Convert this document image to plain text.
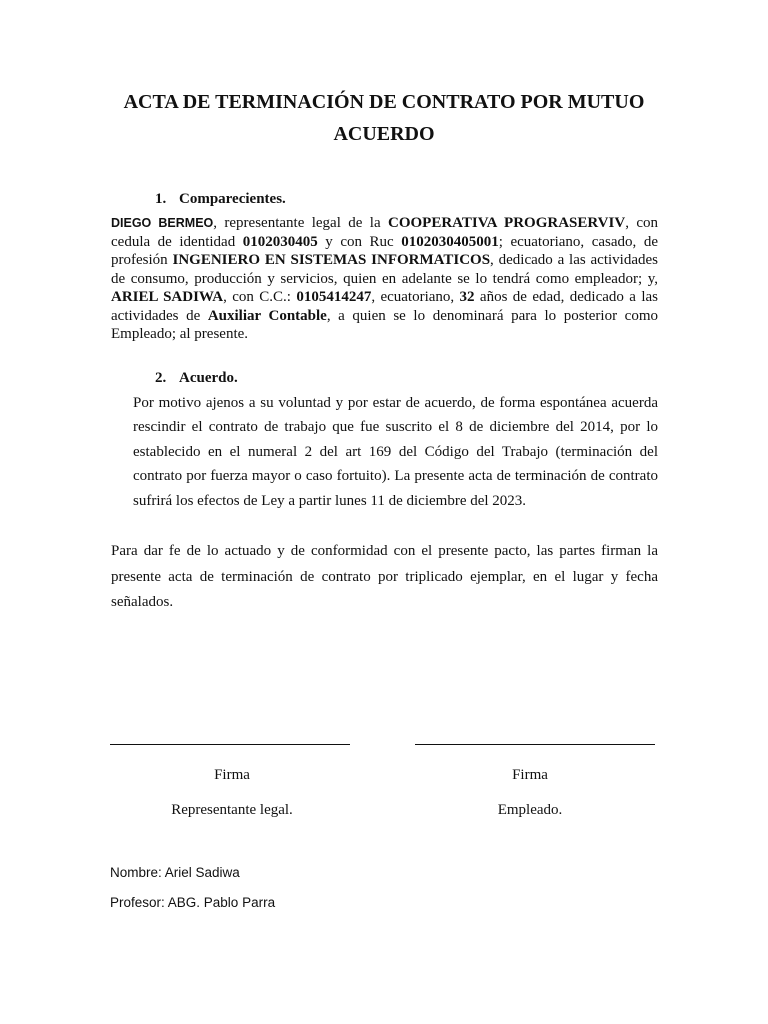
ACTA DE TERMINACIÓN DE CONTRATO POR MUTUO
ACUERDO
1. Comparecientes.
DIEGO BERMEO, representante legal de la COOPERATIVA PROGRASERVIV, con cedula de identidad 0102030405 y con Ruc 0102030405001; ecuatoriano, casado, de profesión INGENIERO EN SISTEMAS INFORMATICOS, dedicado a las actividades de consumo, producción y servicios, quien en adelante se lo tendrá como empleador; y, ARIEL SADIWA, con C.C.: 0105414247, ecuatoriano, 32 años de edad, dedicado a las actividades de Auxiliar Contable, a quien se lo denominará para lo posterior como Empleado; al presente.
2. Acuerdo.
Por motivo ajenos a su voluntad y por estar de acuerdo, de forma espontánea acuerda rescindir el contrato de trabajo que fue suscrito el 8 de diciembre del 2014, por lo establecido en el numeral 2 del art 169 del Código del Trabajo (terminación del contrato por fuerza mayor o caso fortuito). La presente acta de terminación de contrato sufrirá los efectos de Ley a partir lunes 11 de diciembre del 2023.
Para dar fe de lo actuado y de conformidad con el presente pacto, las partes firman la presente acta de terminación de contrato por triplicado ejemplar, en el lugar y fecha señalados.
Firma	Firma
Representante legal.	Empleado.
Nombre: Ariel Sadiwa
Profesor: ABG. Pablo Parra
